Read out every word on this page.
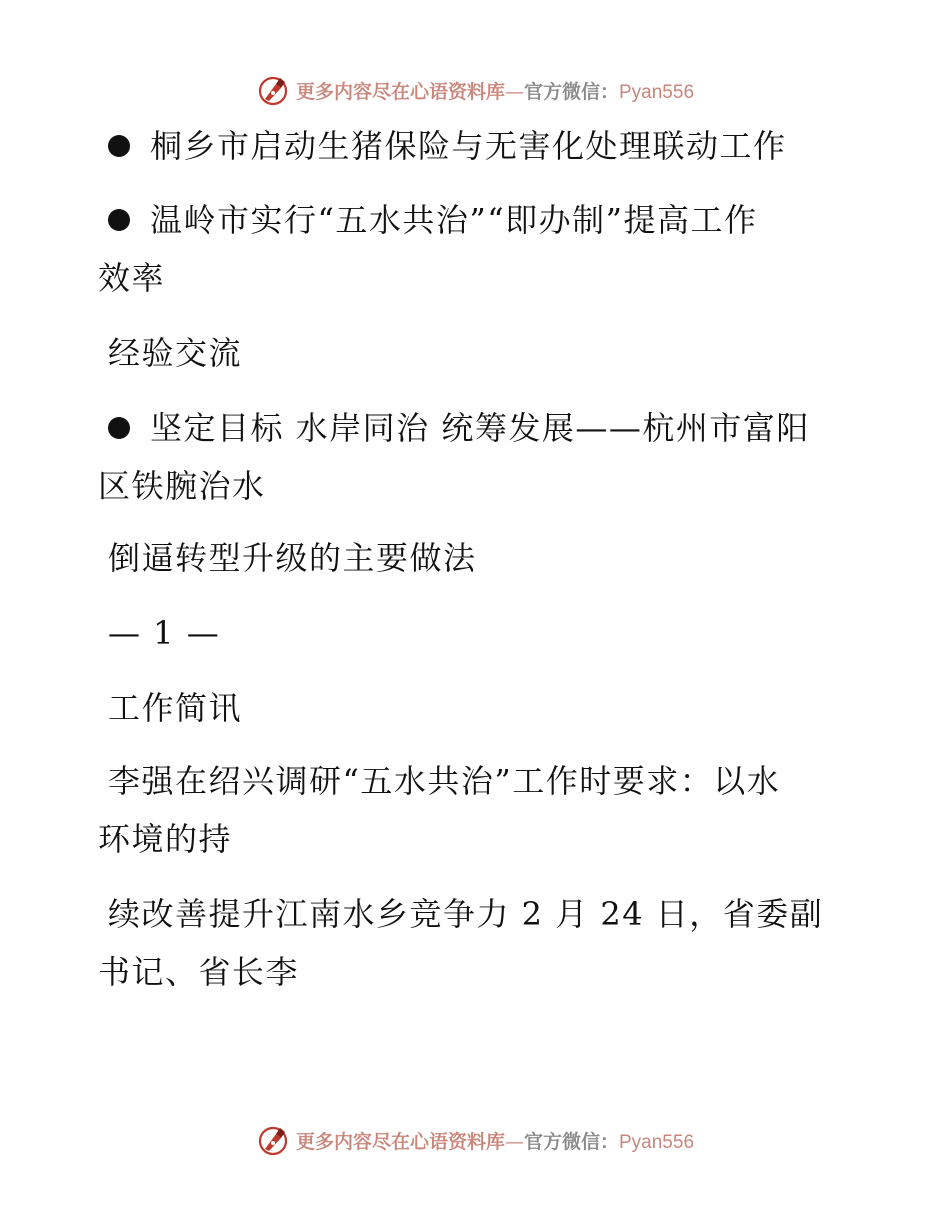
更多内容尽在心语资料库—官方微信：Pyan556
桐乡市启动生猪保险与无害化处理联动工作
温岭市实行“五水共治”“即办制”提高工作
效率
经验交流
坚定目标 水岸同治 统筹发展——杭州市富阳
区铁腕治水
倒逼转型升级的主要做法
— 1 —
工作简讯
李强在绍兴调研“五水共治”工作时要求：以水
环境的持
续改善提升江南水乡竞争力 2 月 24 日，省委副
书记、省长李
更多内容尽在心语资料库—官方微信：Pyan556
